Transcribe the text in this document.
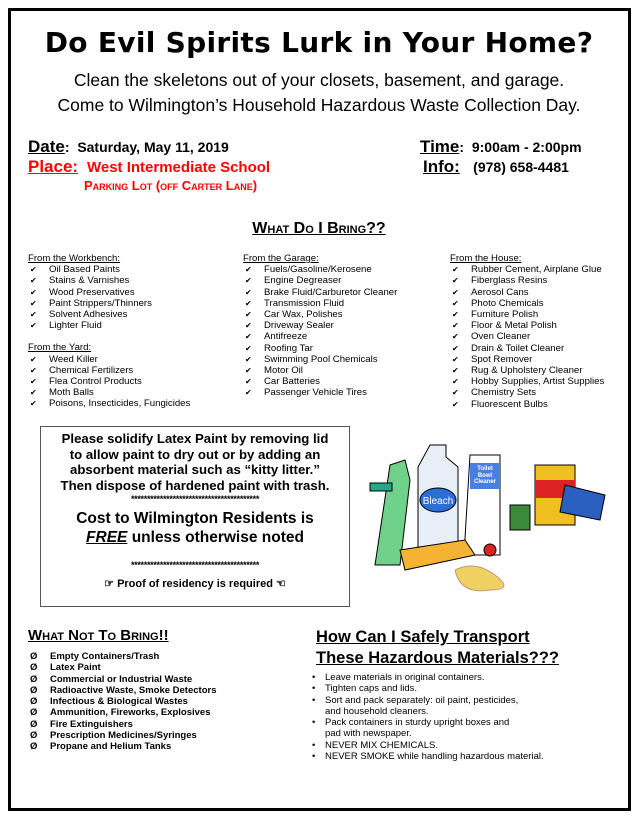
Do Evil Spirits Lurk in Your Home?
Clean the skeletons out of your closets, basement, and garage.
Come to Wilmington’s Household Hazardous Waste Collection Day.
Date:  Saturday, May 11, 2019
Place: West Intermediate School
Parking Lot (off Carter Lane)
Time:  9:00am - 2:00pm
Info: (978) 658-4481
What Do I Bring??
From the Workbench:
✔ Oil Based Paints
✔ Stains & Varnishes
✔ Wood Preservatives
✔ Paint Strippers/Thinners
✔ Solvent Adhesives
✔ Lighter Fluid
From the Yard:
✔ Weed Killer
✔ Chemical Fertilizers
✔ Flea Control Products
✔ Moth Balls
✔ Poisons, Insecticides, Fungicides
From the Garage:
✔ Fuels/Gasoline/Kerosene
✔ Engine Degreaser
✔ Brake Fluid/Carburetor Cleaner
✔ Transmission Fluid
✔ Car Wax, Polishes
✔ Driveway Sealer
✔ Antifreeze
✔ Roofing Tar
✔ Swimming Pool Chemicals
✔ Motor Oil
✔ Car Batteries
✔ Passenger Vehicle Tires
From the House:
✔ Rubber Cement, Airplane Glue
✔ Fiberglass Resins
✔ Aerosol Cans
✔ Photo Chemicals
✔ Furniture Polish
✔ Floor & Metal Polish
✔ Oven Cleaner
✔ Drain & Toilet Cleaner
✔ Spot Remover
✔ Rug & Upholstery Cleaner
✔ Hobby Supplies, Artist Supplies
✔ Chemistry Sets
✔ Fluorescent Bulbs
Please solidify Latex Paint by removing lid
to allow paint to dry out or by adding an
absorbent material such as “kitty litter.”
Then dispose of hardened paint with trash.
****************************************
Cost to Wilmington Residents is
FREE unless otherwise noted
****************************************
☞ Proof of residency is required ☜
Bleach
Toilet Bowl Cleaner
What Not To Bring!!
Ø Empty Containers/Trash
Ø Latex Paint
Ø Commercial or Industrial Waste
Ø Radioactive Waste, Smoke Detectors
Ø Infectious & Biological Wastes
Ø Ammunition, Fireworks, Explosives
Ø Fire Extinguishers
Ø Prescription Medicines/Syringes
Ø Propane and Helium Tanks
How Can I Safely Transport
These Hazardous Materials???
• Leave materials in original containers.
• Tighten caps and lids.
• Sort and pack separately: oil paint, pesticides,
and household cleaners.
• Pack containers in sturdy upright boxes and
pad with newspaper.
• NEVER MIX CHEMICALS.
• NEVER SMOKE while handling hazardous material.
